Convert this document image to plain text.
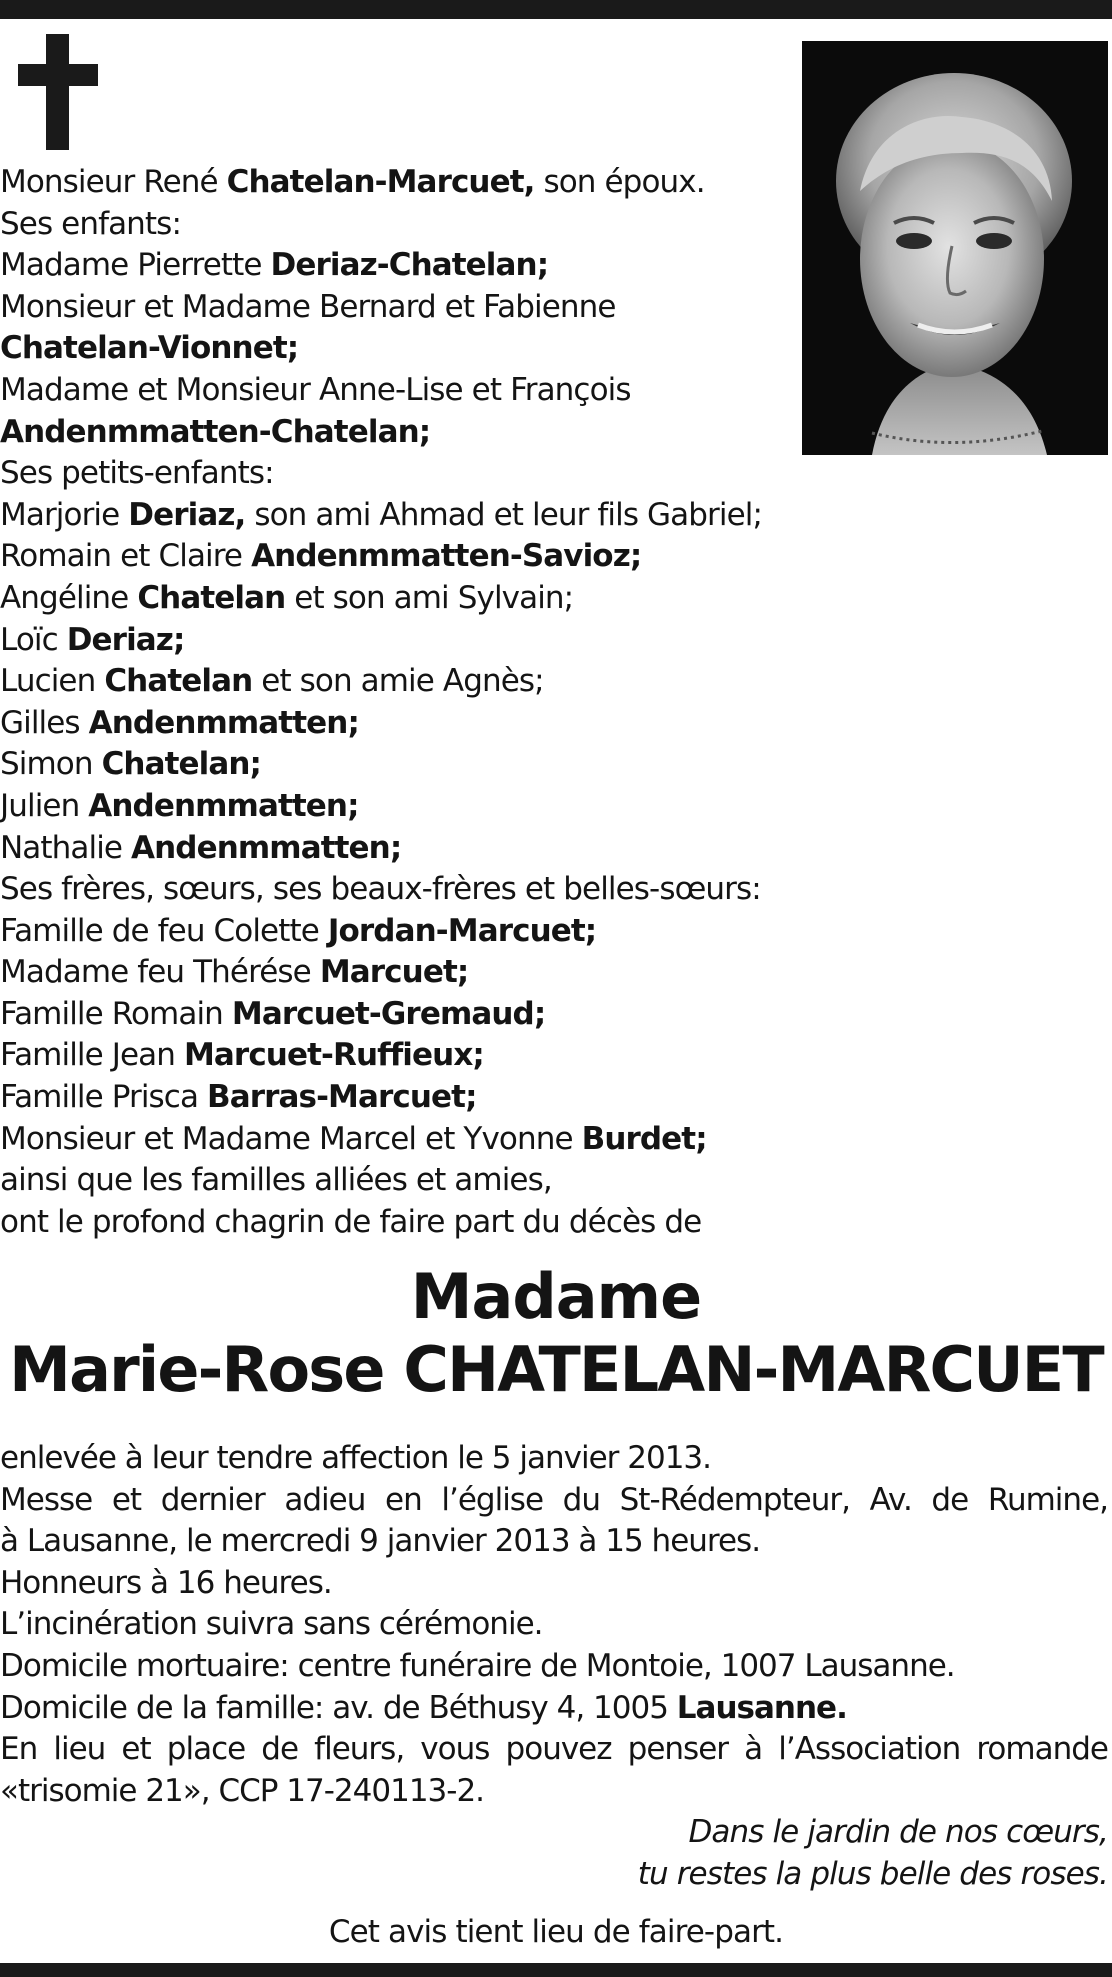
Monsieur René Chatelan-Marcuet, son époux.
Ses enfants:
Madame Pierrette Deriaz-Chatelan;
Monsieur et Madame Bernard et Fabienne
Chatelan-Vionnet;
Madame et Monsieur Anne-Lise et François
Andenmmatten-Chatelan;
Ses petits-enfants:
Marjorie Deriaz, son ami Ahmad et leur fils Gabriel;
Romain et Claire Andenmmatten-Savioz;
Angéline Chatelan et son ami Sylvain;
Loïc Deriaz;
Lucien Chatelan et son amie Agnès;
Gilles Andenmmatten;
Simon Chatelan;
Julien Andenmmatten;
Nathalie Andenmmatten;
Ses frères, sœurs, ses beaux-frères et belles-sœurs:
Famille de feu Colette Jordan-Marcuet;
Madame feu Thérése Marcuet;
Famille Romain Marcuet-Gremaud;
Famille Jean Marcuet-Ruffieux;
Famille Prisca Barras-Marcuet;
Monsieur et Madame Marcel et Yvonne Burdet;
ainsi que les familles alliées et amies,
ont le profond chagrin de faire part du décès de
Madame
Marie-Rose CHATELAN-MARCUET
enlevée à leur tendre affection le 5 janvier 2013.
Messe et dernier adieu en l’église du St-Rédempteur, Av. de Rumine,
à Lausanne, le mercredi 9 janvier 2013 à 15 heures.
Honneurs à 16 heures.
L’incinération suivra sans cérémonie.
Domicile mortuaire: centre funéraire de Montoie, 1007 Lausanne.
Domicile de la famille: av. de Béthusy 4, 1005 Lausanne.
En lieu et place de fleurs, vous pouvez penser à l’Association romande
«trisomie 21», CCP 17-240113-2.
Dans le jardin de nos cœurs,
tu restes la plus belle des roses.
Cet avis tient lieu de faire-part.
